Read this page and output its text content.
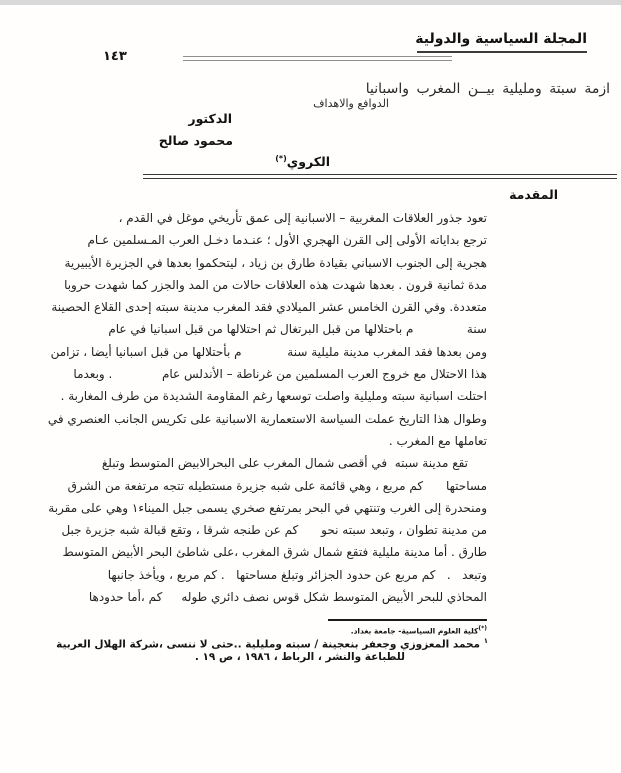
المجلة السياسية والدولية
١٤٣
ازمة سبتة ومليلية بيــن المغرب واسبانيا
الدوافع والاهداف
الدكتور
محمود صالح
الكروي(*)
المقدمة
تعود جذور العلاقات المغربية – الاسبانية إلى عمق تأريخي موغل في القدم ،
ترجع بداياته الأولى إلى القرن الهجري الأول ؛ عنـدما دخـل العرب المـسلمين عـام
هجرية إلى الجنوب الاسباني بقيادة طارق بن زياد ، ليتحكموا بعدها في الجزيرة الأيبيرية
مدة ثمانية قرون . بعدها شهدت هذه العلاقات حالات من المد والجزر كما شهدت حروبا
متعددة. وفي القرن الخامس عشر الميلادي فقد المغرب مدينة سبته إحدى القلاع الحصينة
سنة              م باحتلالها من قبل البرتغال ثم احتلالها من قبل اسبانيا في عام
ومن بعدها فقد المغرب مدينة مليلية سنة            م بأحتلالها من قبل اسبانيا أيضا ، تزامن
هذا الاحتلال مع خروج العرب المسلمين من غرناطة – الأندلس عام             . وبعدما
احتلت اسبانية سبته ومليلية واصلت توسعها رغم المقاومة الشديدة من طرف المغاربة .
وطوال هذا التاريخ عملت السياسة الاستعمارية الاسبانية على تكريس الجانب العنصري في
تعاملها مع المغرب .
تقع مدينة سبته  في أقصى شمال المغرب على البحرالابيض المتوسط وتبلغ
مساحتها      كم مربع ، وهي قائمة على شبه جزيرة مستطيله تتجه مرتفعة من الشرق
ومنحدرة إلى الغرب وتنتهي في البحر بمرتفع صخري يسمى جبل الميناء١ وهي على مقربة
من مدينة تطوان ، وتبعد سبته نحو      كم عن طنجه شرقا ، وتقع قبالة شبه جزيرة جبل
طارق . أما مدينة مليلية فتقع شمال شرق المغرب ،على شاطئ البحر الأبيض المتوسط
وتبعد   .   كم مربع عن حدود الجزائر وتبلغ مساحتها   . كم مربع ، ويأخذ جانبها
المحاذي للبحر الأبيض المتوسط شكل قوس نصف دائري طوله     كم ،أما حدودها
(*)كلية العلوم السياسية- جامعة بغداد.
$^١$ محمد المعزوزي وجعفر بنعجينة / سبته ومليلية ..حتى لا ننسى ،شركة الهلال العربية
للطباعة والنشر ، الرباط ، ١٩٨٦ ، ص ١٩ .
